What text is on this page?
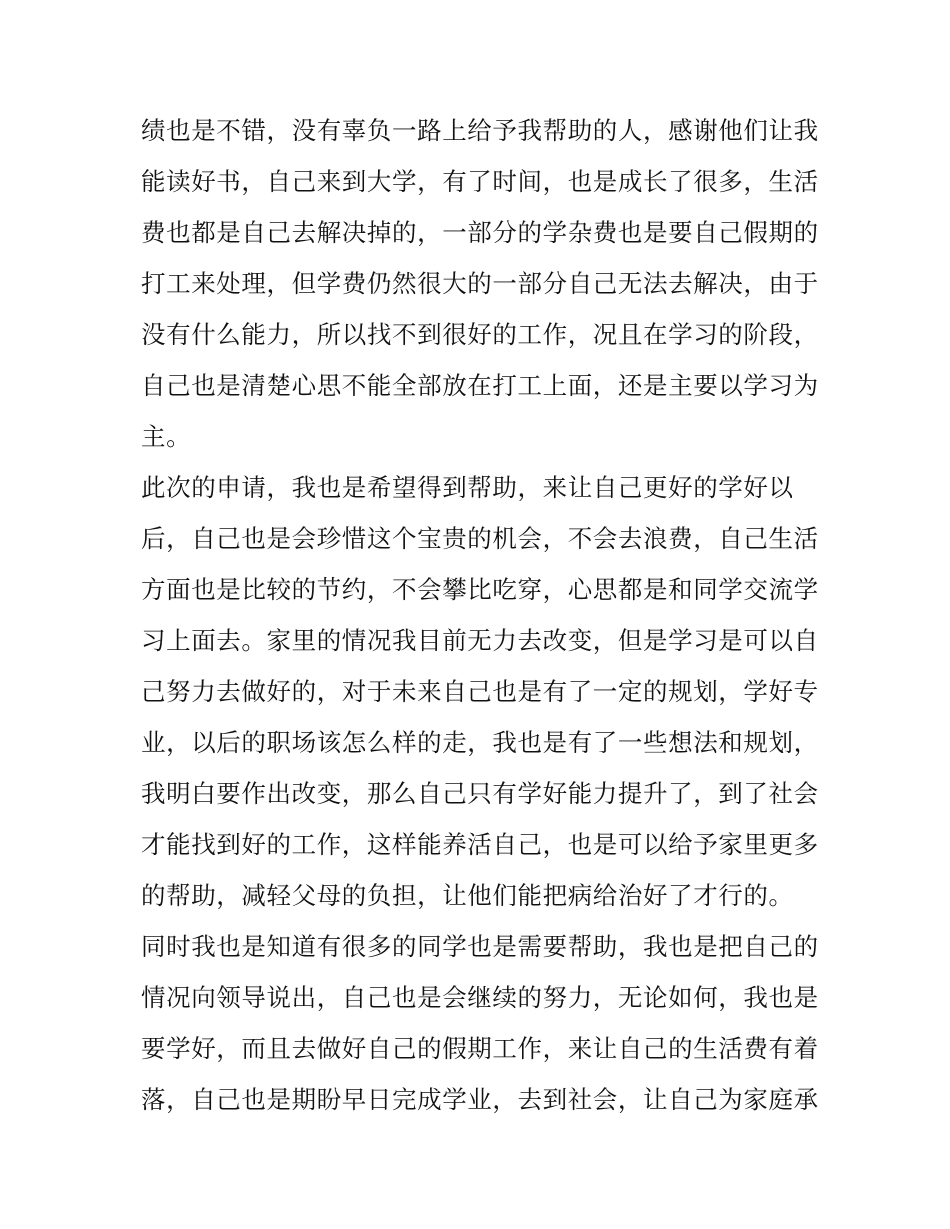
绩也是不错，没有辜负一路上给予我帮助的人，感谢他们让我
能读好书，自己来到大学，有了时间，也是成长了很多，生活
费也都是自己去解决掉的，一部分的学杂费也是要自己假期的
打工来处理，但学费仍然很大的一部分自己无法去解决，由于
没有什么能力，所以找不到很好的工作，况且在学习的阶段，
自己也是清楚心思不能全部放在打工上面，还是主要以学习为
主。
此次的申请，我也是希望得到帮助，来让自己更好的学好以
后，自己也是会珍惜这个宝贵的机会，不会去浪费，自己生活
方面也是比较的节约，不会攀比吃穿，心思都是和同学交流学
习上面去。家里的情况我目前无力去改变，但是学习是可以自
己努力去做好的，对于未来自己也是有了一定的规划，学好专
业，以后的职场该怎么样的走，我也是有了一些想法和规划，
我明白要作出改变，那么自己只有学好能力提升了，到了社会
才能找到好的工作，这样能养活自己，也是可以给予家里更多
的帮助，减轻父母的负担，让他们能把病给治好了才行的。
同时我也是知道有很多的同学也是需要帮助，我也是把自己的
情况向领导说出，自己也是会继续的努力，无论如何，我也是
要学好，而且去做好自己的假期工作，来让自己的生活费有着
落，自己也是期盼早日完成学业，去到社会，让自己为家庭承
